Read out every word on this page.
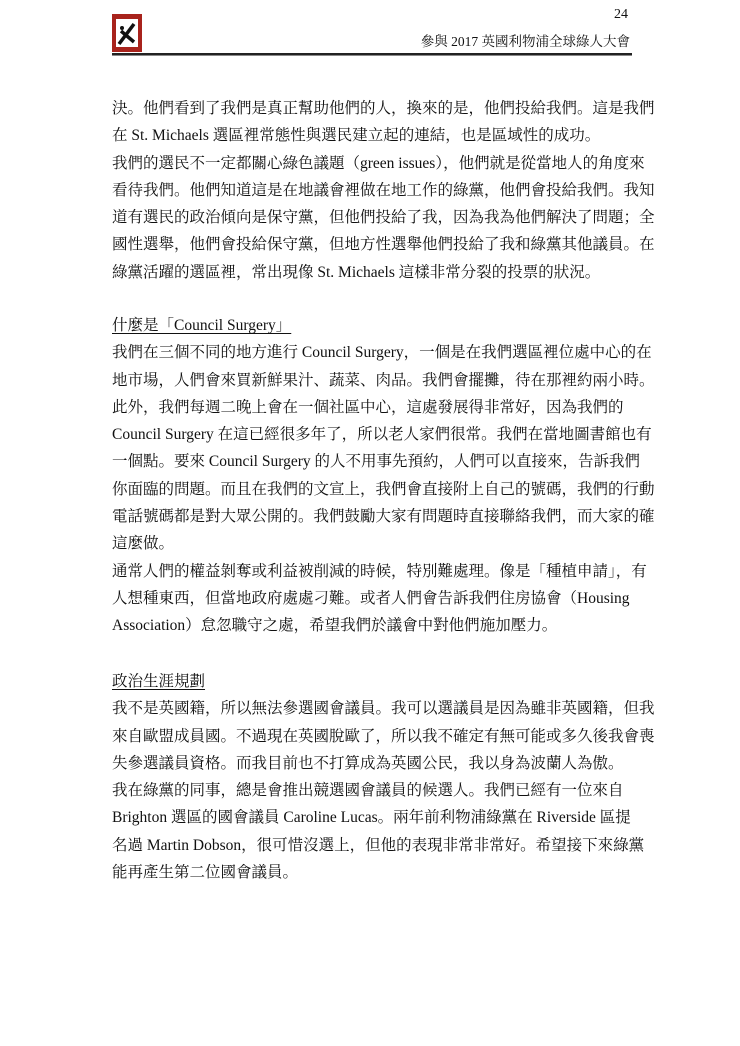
24
參與 2017 英國利物浦全球綠人大會
決。他們看到了我們是真正幫助他們的人，換來的是，他們投給我們。這是我們
在 St. Michaels 選區裡常態性與選民建立起的連結，也是區域性的成功。
我們的選民不一定都關心綠色議題（green issues），他們就是從當地人的角度來
看待我們。他們知道這是在地議會裡做在地工作的綠黨，他們會投給我們。我知
道有選民的政治傾向是保守黨，但他們投給了我，因為我為他們解決了問題；全
國性選舉，他們會投給保守黨，但地方性選舉他們投給了我和綠黨其他議員。在
綠黨活躍的選區裡，常出現像 St. Michaels 這樣非常分裂的投票的狀況。
什麼是「Council Surgery」
我們在三個不同的地方進行 Council Surgery，一個是在我們選區裡位處中心的在
地市場，人們會來買新鮮果汁、蔬菜、肉品。我們會擺攤，待在那裡約兩小時。
此外，我們每週二晚上會在一個社區中心，這處發展得非常好，因為我們的
Council Surgery 在這已經很多年了，所以老人家們很常。我們在當地圖書館也有
一個點。要來 Council Surgery 的人不用事先預約，人們可以直接來，告訴我們
你面臨的問題。而且在我們的文宣上，我們會直接附上自己的號碼，我們的行動
電話號碼都是對大眾公開的。我們鼓勵大家有問題時直接聯絡我們，而大家的確
這麼做。
通常人們的權益剝奪或利益被削減的時候，特別難處理。像是「種植申請」，有
人想種東西，但當地政府處處刁難。或者人們會告訴我們住房協會（Housing
Association）怠忽職守之處，希望我們於議會中對他們施加壓力。
政治生涯規劃
我不是英國籍，所以無法參選國會議員。我可以選議員是因為雖非英國籍，但我
來自歐盟成員國。不過現在英國脫歐了，所以我不確定有無可能或多久後我會喪
失參選議員資格。而我目前也不打算成為英國公民，我以身為波蘭人為傲。
我在綠黨的同事，總是會推出競選國會議員的候選人。我們已經有一位來自
Brighton 選區的國會議員 Caroline Lucas。兩年前利物浦綠黨在 Riverside 區提
名過 Martin Dobson，很可惜沒選上，但他的表現非常非常好。希望接下來綠黨
能再產生第二位國會議員。
